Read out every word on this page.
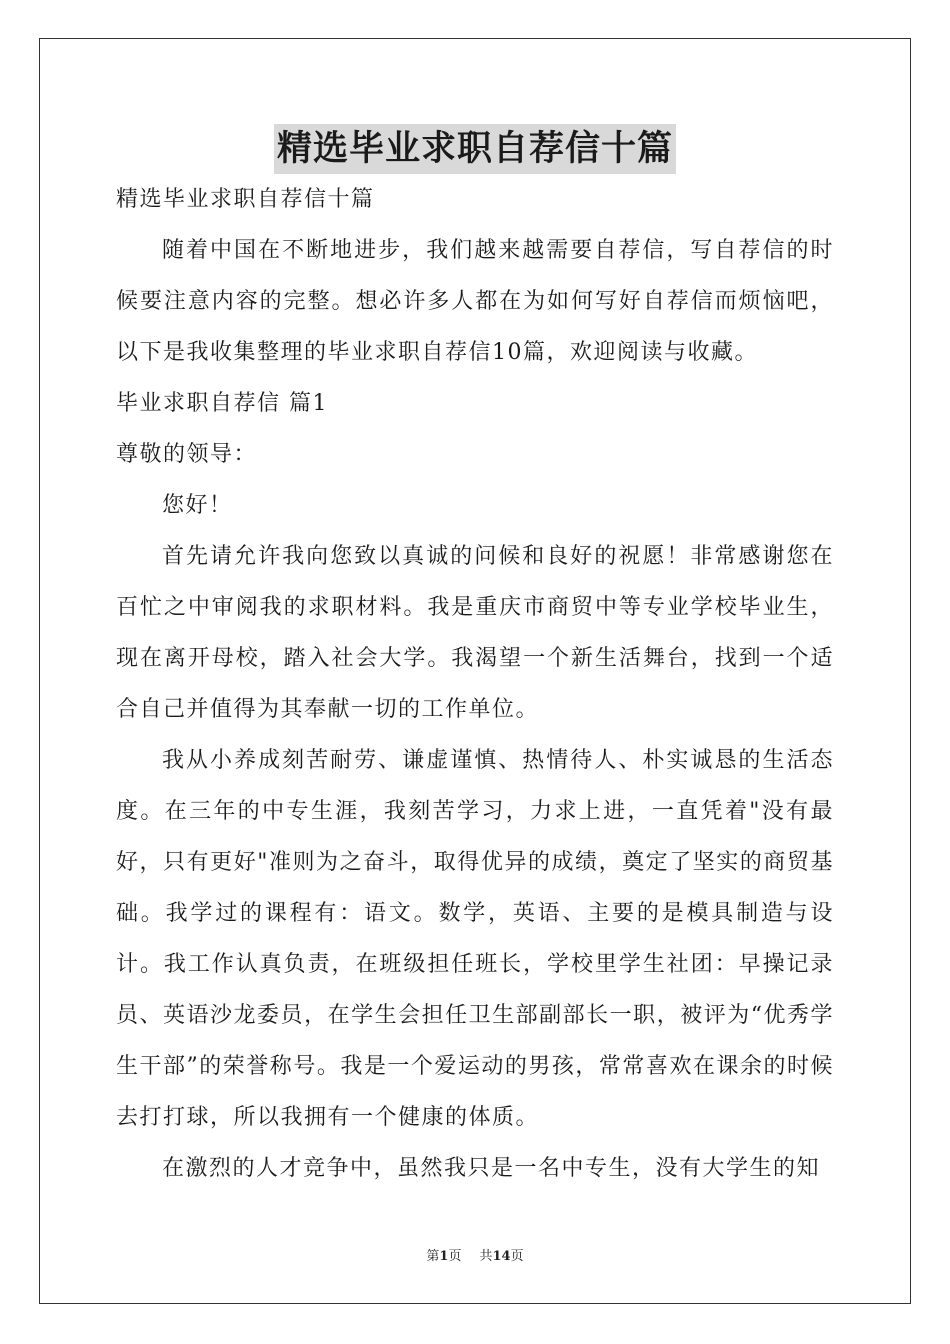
精选毕业求职自荐信十篇
精选毕业求职自荐信十篇
随着中国在不断地进步，我们越来越需要自荐信，写自荐信的时候要注意内容的完整。想必许多人都在为如何写好自荐信而烦恼吧，以下是我收集整理的毕业求职自荐信10篇，欢迎阅读与收藏。
毕业求职自荐信 篇1
尊敬的领导：
您好！
首先请允许我向您致以真诚的问候和良好的祝愿！非常感谢您在百忙之中审阅我的求职材料。我是重庆市商贸中等专业学校毕业生，现在离开母校，踏入社会大学。我渴望一个新生活舞台，找到一个适合自己并值得为其奉献一切的工作单位。
我从小养成刻苦耐劳、谦虚谨慎、热情待人、朴实诚恳的生活态度。在三年的中专生涯，我刻苦学习，力求上进，一直凭着"没有最好，只有更好"准则为之奋斗，取得优异的成绩，奠定了坚实的商贸基础。我学过的课程有：语文。数学，英语、主要的是模具制造与设计。我工作认真负责，在班级担任班长，学校里学生社团：早操记录员、英语沙龙委员，在学生会担任卫生部副部长一职，被评为“优秀学生干部”的荣誉称号。我是一个爱运动的男孩，常常喜欢在课余的时候去打打球，所以我拥有一个健康的体质。
在激烈的人才竞争中，虽然我只是一名中专生，没有大学生的知
第1页 共14页
